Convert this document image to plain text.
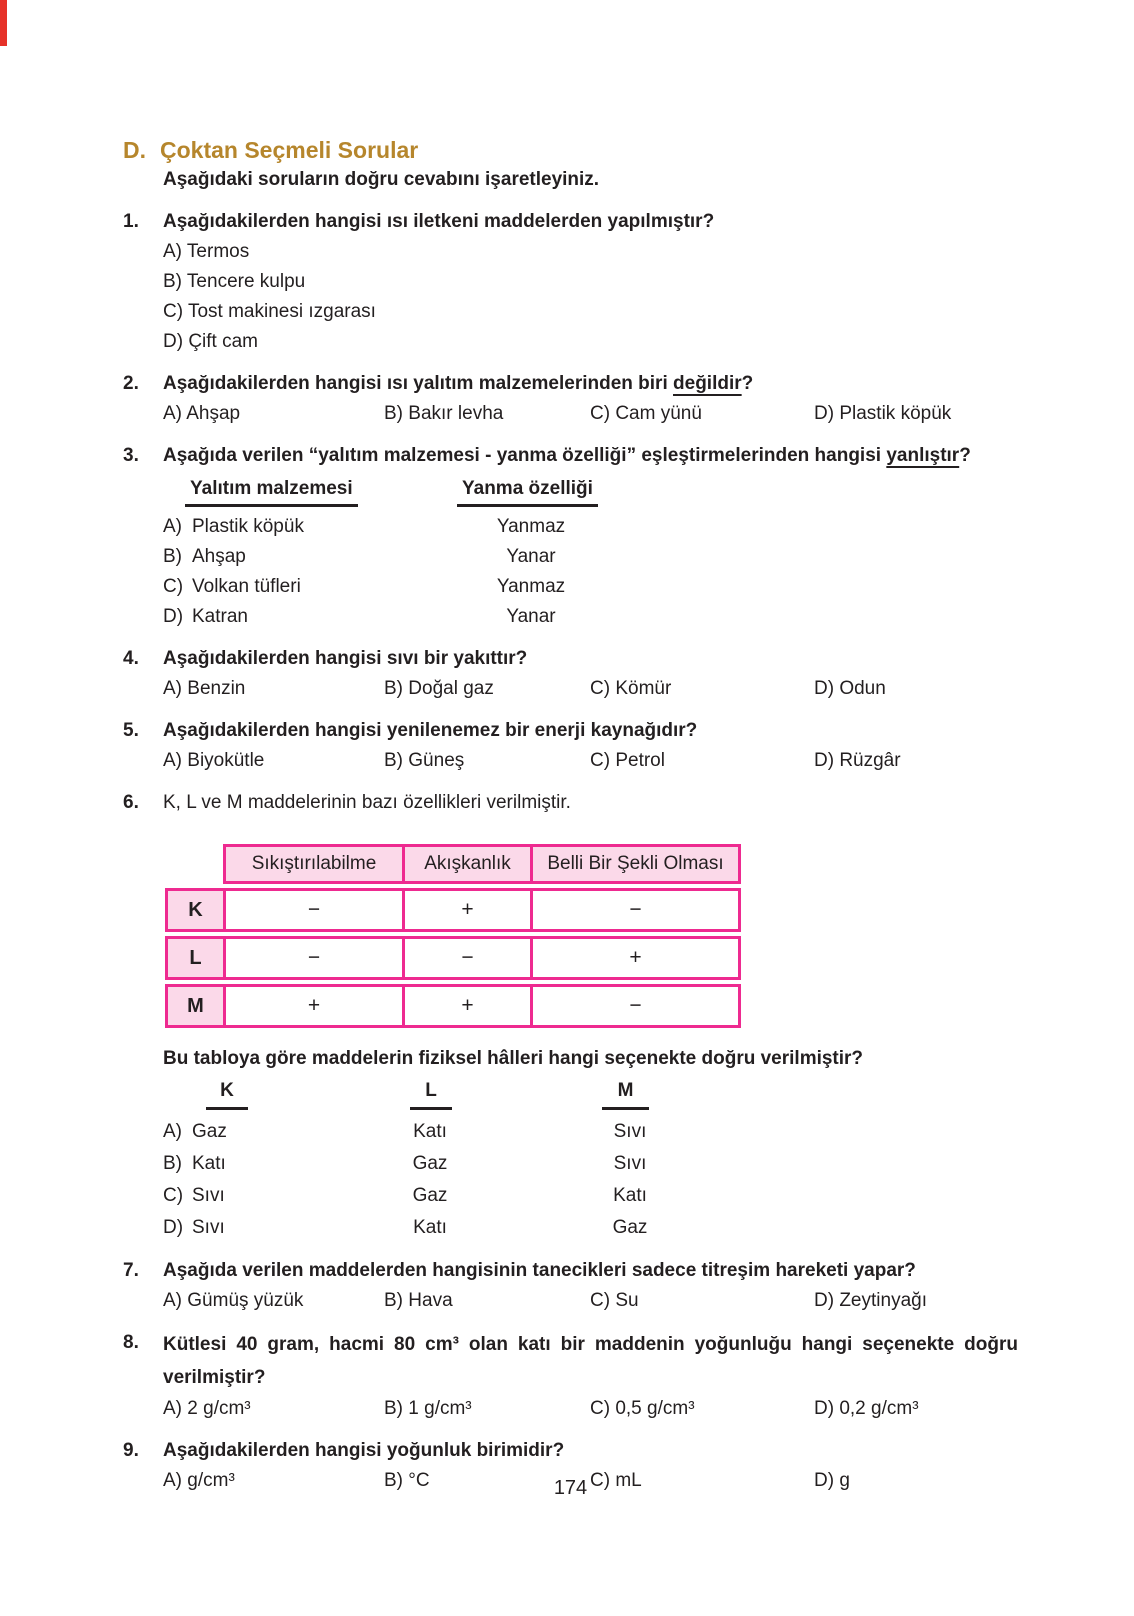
D. Çoktan Seçmeli Sorular
Aşağıdaki soruların doğru cevabını işaretleyiniz.
1.	Aşağıdakilerden hangisi ısı iletkeni maddelerden yapılmıştır?
A) Termos
B) Tencere kulpu
C) Tost makinesi ızgarası
D) Çift cam
2.	Aşağıdakilerden hangisi ısı yalıtım malzemelerinden biri değildir?
A) Ahşap	B) Bakır levha	C) Cam yünü	D) Plastik köpük
3.	Aşağıda verilen “yalıtım malzemesi - yanma özelliği” eşleştirmelerinden hangisi yanlıştır?
Yalıtım malzemesi	Yanma özelliği
A) Plastik köpük	Yanmaz
B) Ahşap	Yanar
C) Volkan tüfleri	Yanmaz
D) Katran	Yanar
4.	Aşağıdakilerden hangisi sıvı bir yakıttır?
A) Benzin	B) Doğal gaz	C) Kömür	D) Odun
5.	Aşağıdakilerden hangisi yenilenemez bir enerji kaynağıdır?
A) Biyokütle	B) Güneş	C) Petrol	D) Rüzgâr
6.	K, L ve M maddelerinin bazı özellikleri verilmiştir.
Sıkıştırılabilme	Akışkanlık	Belli Bir Şekli Olması
K	−	+	−
L	−	−	+
M	+	+	−
Bu tabloya göre maddelerin fiziksel hâlleri hangi seçenekte doğru verilmiştir?
K	L	M
A) Gaz	Katı	Sıvı
B) Katı	Gaz	Sıvı
C) Sıvı	Gaz	Katı
D) Sıvı	Katı	Gaz
7.	Aşağıda verilen maddelerden hangisinin tanecikleri sadece titreşim hareketi yapar?
A) Gümüş yüzük	B) Hava	C) Su	D) Zeytinyağı
8.	Kütlesi 40 gram, hacmi 80 cm³ olan katı bir maddenin yoğunluğu hangi seçenekte doğru verilmiştir?
A) 2 g/cm³	B) 1 g/cm³	C) 0,5 g/cm³	D) 0,2 g/cm³
9.	Aşağıdakilerden hangisi yoğunluk birimidir?
A) g/cm³	B) °C	C) mL	D) g
174
